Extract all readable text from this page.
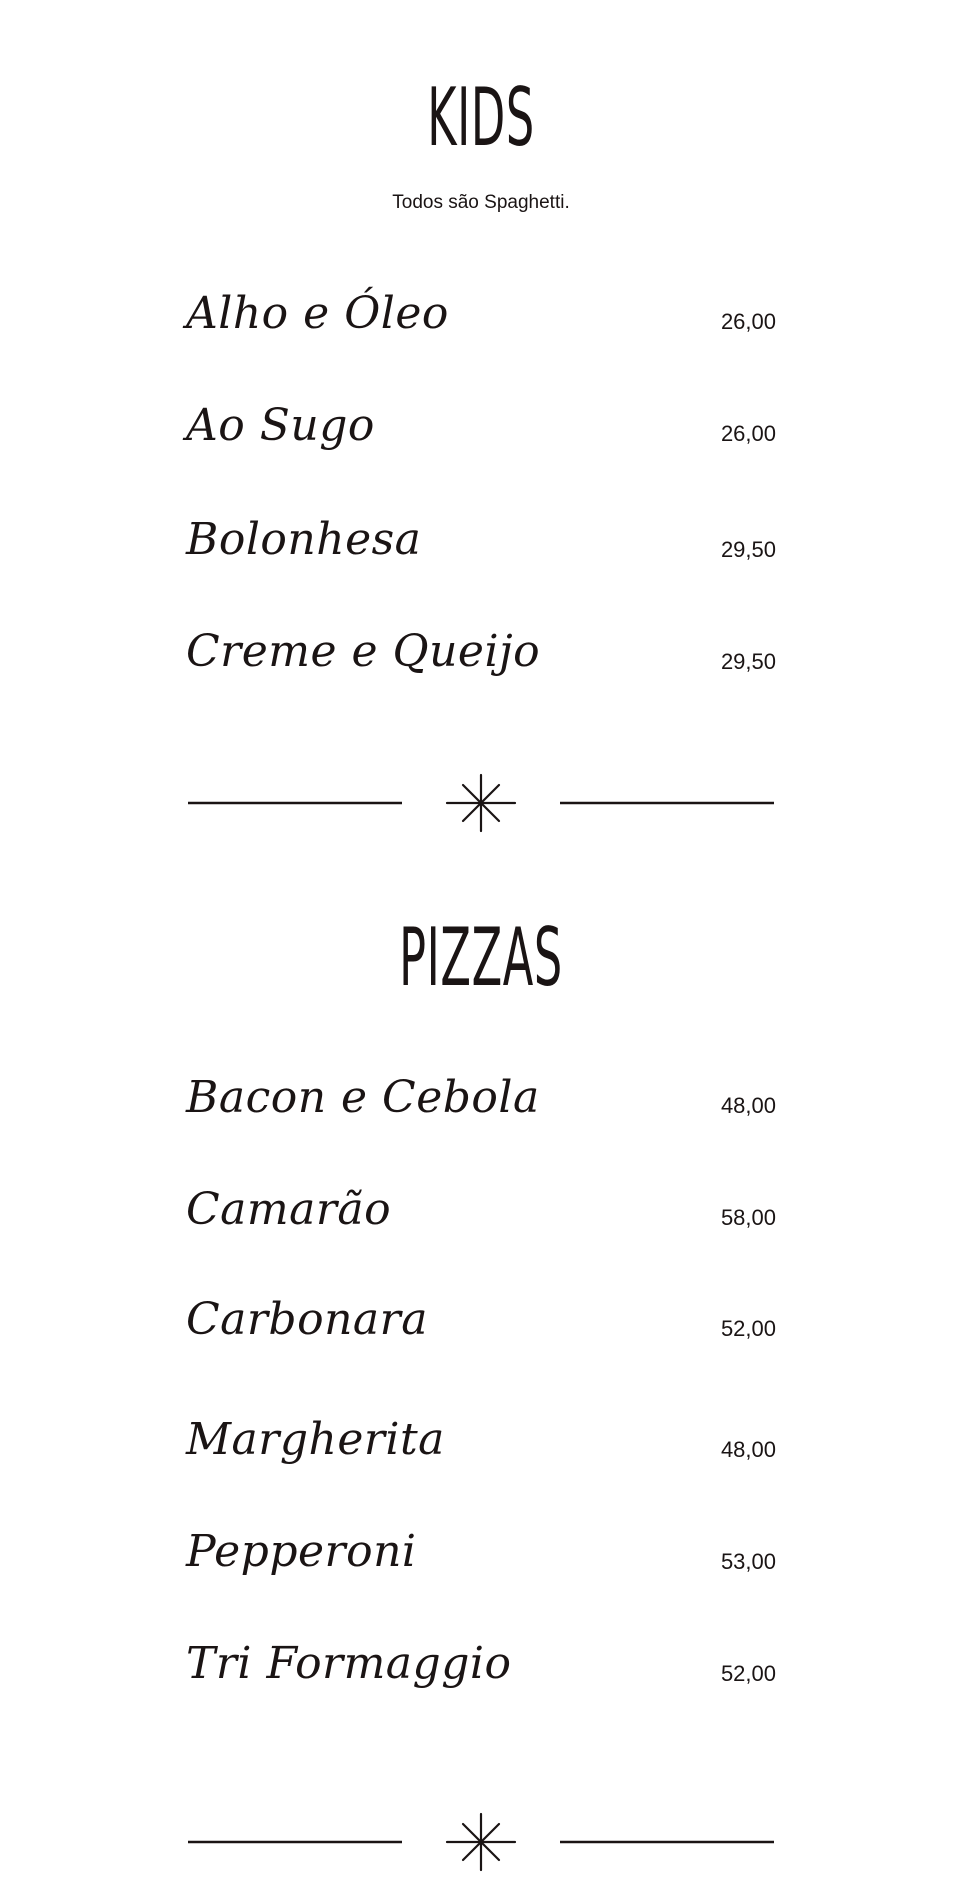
KIDS
Todos são Spaghetti.
Alho e Óleo	26,00
Ao Sugo	26,00
Bolonhesa	29,50
Creme e Queijo	29,50
PIZZAS
Bacon e Cebola	48,00
Camarão	58,00
Carbonara	52,00
Margherita	48,00
Pepperoni	53,00
Tri Formaggio	52,00
